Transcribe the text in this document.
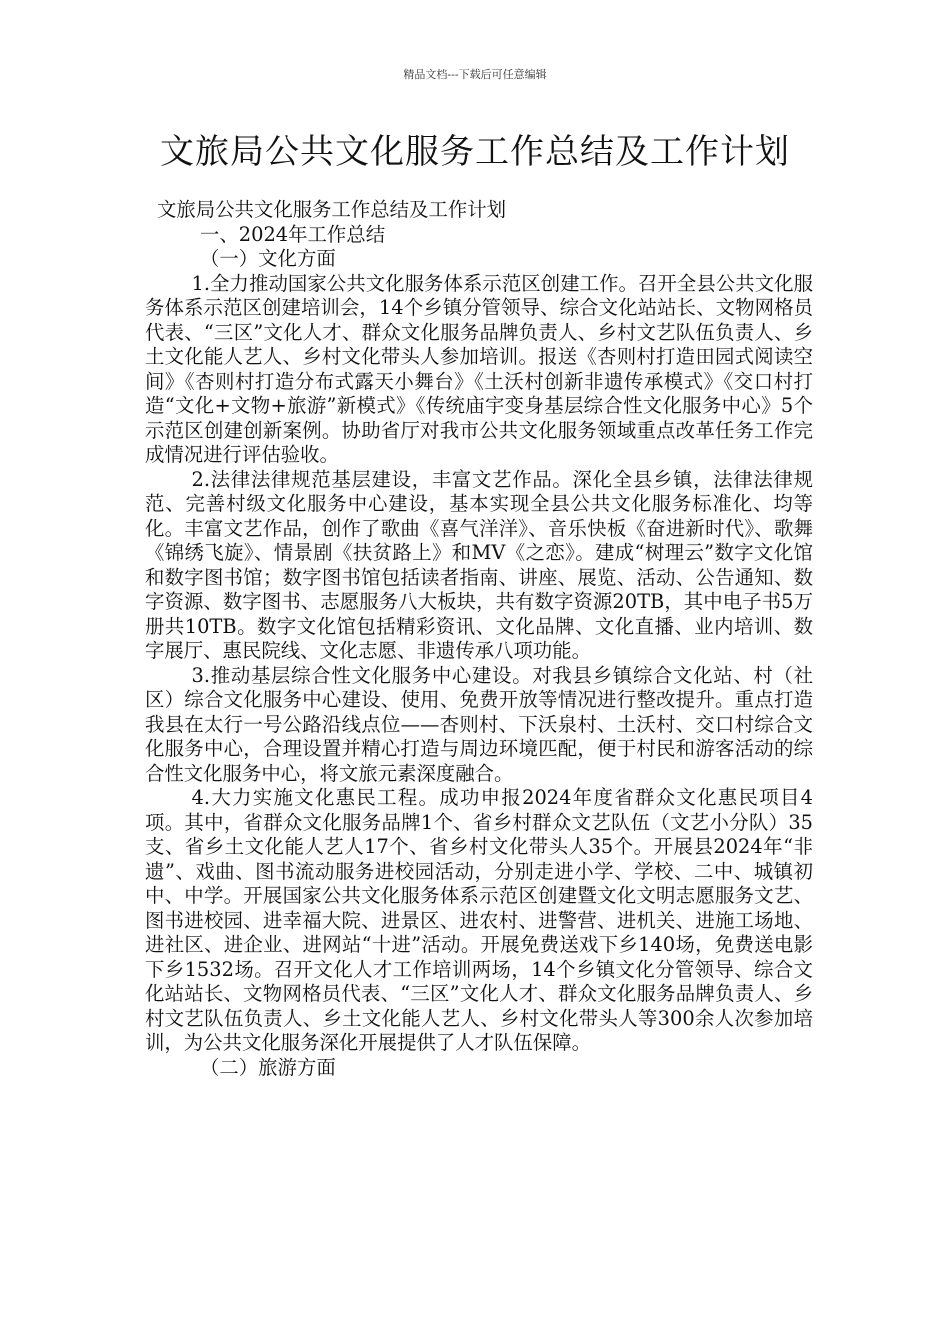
精品文档---下载后可任意编辑
文旅局公共文化服务工作总结及工作计划

文旅局公共文化服务工作总结及工作计划

一、2024年工作总结

（一）文化方面

1.全力推动国家公共文化服务体系示范区创建工作。召开全县公共文化服务体系示范区创建培训会，14个乡镇分管领导、综合文化站站长、文物网格员代表、“三区”文化人才、群众文化服务品牌负责人、乡村文艺队伍负责人、乡土文化能人艺人、乡村文化带头人参加培训。报送《杏则村打造田园式阅读空间》《杏则村打造分布式露天小舞台》《土沃村创新非遗传承模式》《交口村打造“文化+文物+旅游”新模式》《传统庙宇变身基层综合性文化服务中心》5个示范区创建创新案例。协助省厅对我市公共文化服务领域重点改革任务工作完成情况进行评估验收。

2.法律法律规范基层建设，丰富文艺作品。深化全县乡镇，法律法律规范、完善村级文化服务中心建设，基本实现全县公共文化服务标准化、均等化。丰富文艺作品，创作了歌曲《喜气洋洋》、音乐快板《奋进新时代》、歌舞《锦绣飞旋》、情景剧《扶贫路上》和MV《之恋》。建成“树理云”数字文化馆和数字图书馆；数字图书馆包括读者指南、讲座、展览、活动、公告通知、数字资源、数字图书、志愿服务八大板块，共有数字资源20TB，其中电子书5万册共10TB。数字文化馆包括精彩资讯、文化品牌、文化直播、业内培训、数字展厅、惠民院线、文化志愿、非遗传承八项功能。

3.推动基层综合性文化服务中心建设。对我县乡镇综合文化站、村（社区）综合文化服务中心建设、使用、免费开放等情况进行整改提升。重点打造我县在太行一号公路沿线点位——杏则村、下沃泉村、土沃村、交口村综合文化服务中心，合理设置并精心打造与周边环境匹配，便于村民和游客活动的综合性文化服务中心，将文旅元素深度融合。

4.大力实施文化惠民工程。成功申报2024年度省群众文化惠民项目4项。其中，省群众文化服务品牌1个、省乡村群众文艺队伍（文艺小分队）35支、省乡土文化能人艺人17个、省乡村文化带头人35个。开展县2024年“非遗”、戏曲、图书流动服务进校园活动，分别走进小学、学校、二中、城镇初中、中学。开展国家公共文化服务体系示范区创建暨文化文明志愿服务文艺、图书进校园、进幸福大院、进景区、进农村、进警营、进机关、进施工场地、进社区、进企业、进网站“十进”活动。开展免费送戏下乡140场，免费送电影下乡1532场。召开文化人才工作培训两场，14个乡镇文化分管领导、综合文化站站长、文物网格员代表、“三区”文化人才、群众文化服务品牌负责人、乡村文艺队伍负责人、乡土文化能人艺人、乡村文化带头人等300余人次参加培训，为公共文化服务深化开展提供了人才队伍保障。

（二）旅游方面
